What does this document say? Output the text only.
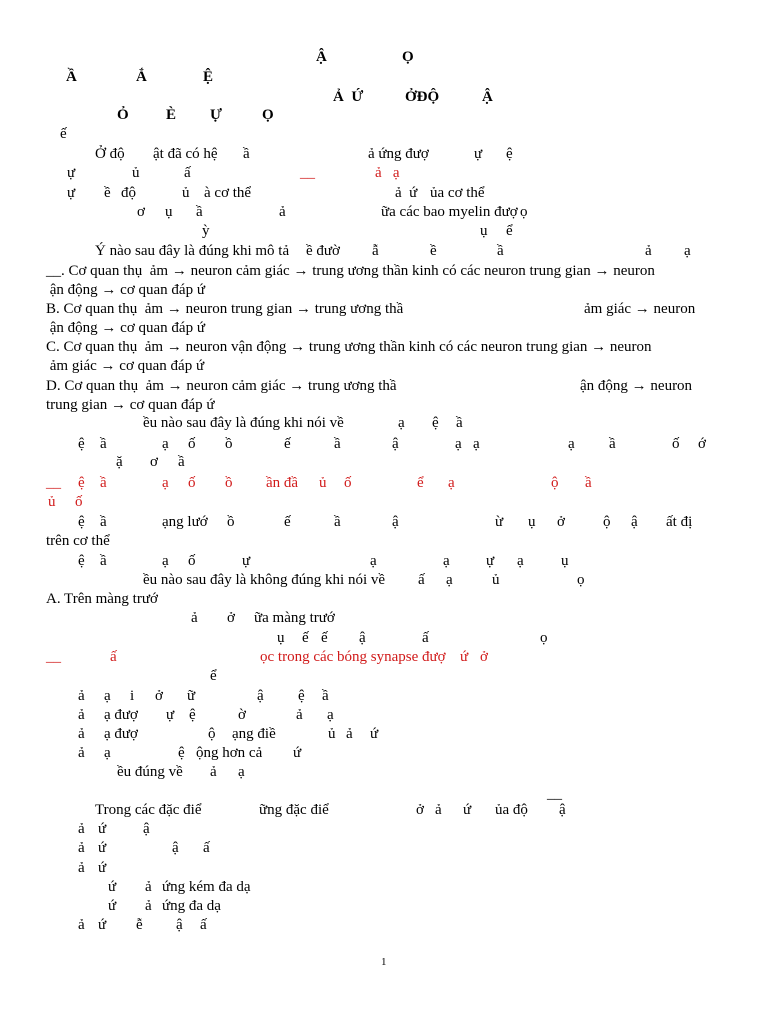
Ậ	Ọ
Ầ	Ắ	Ệ
Ả  Ứ	ỞĐỘ	Ậ
Ỏ È Ự	Ọ
ế
Ở độ ật đã có hệ ầ	ả ứng đượ	ự ệ
ự	ủ	ấ	__	ả   ạ
ự ề độ	ủ à cơ thể	ả  ứ ủa cơ thể
ơ ụ ầ	ả	ữa các bao myelin đượ ọ
ỳ	ụ ể
Ý nào sau đây là đúng khi mô tả ề đườ ẫ	ề	ầ	ả ạ
__. Cơ quan thụ  ảm → neuron cảm giác → trung ương thần kinh có các neuron trung gian → neuron
ận động → cơ quan đáp ứ
B. Cơ quan thụ  ảm → neuron trung gian → trung ương thầ	ảm giác → neuron
ận động → cơ quan đáp ứ
C. Cơ quan thụ  ảm → neuron vận động → trung ương thần kinh có các neuron trung gian → neuron
ảm giác → cơ quan đáp ứ
D. Cơ quan thụ  ảm → neuron cảm giác → trung ương thầ	ận động → neuron
trung gian → cơ quan đáp ứ
ều nào sau đây là đúng khi nói về	ạ ệ ầ
ệ ầ	ạ ố ồ	ế	ầ	ậ	ạ ạ	ạ ầ	ố ớ
ặ ơ ầ
__ ệ ầ	ạ ố ồ ần đầ ủ ố	ể ạ	ộ ầ
ủ ố
ệ ầ	ạng lướ ồ	ế	ầ	ậ	ừ ụ ở	ộ ậ ất đị
trên cơ thể
ệ ầ	ạ ố	ự	ạ	ạ ự ạ ụ
ều nào sau đây là không đúng khi nói về ấ ạ	ủ	ọ
A. Trên màng trướ
ả ở ữa màng trướ
ụ ế ế ậ	ấ	ọ
__	ấ	ọc trong các bóng synapse đượ ứ ở
ể
ả ạ i ở ữ	ậ ệ ầ
ả ạ đượ ự ệ	ờ	ả ạ
ả ạ đượ	ộ ạng điề	ủ ả ứ
ả ạ	ệ ộng hơn cả ứ
ều đúng về ả ạ
__
Trong các đặc điể	ững đặc điể	ở ả ứ ủa độ ậ
ả ứ ậ
ả ứ	ậ ấ
ả ứ
ứ ả ứng kém đa dạ
ứ ả ứng đa dạ
ả ứ ễ ậ ấ
1
